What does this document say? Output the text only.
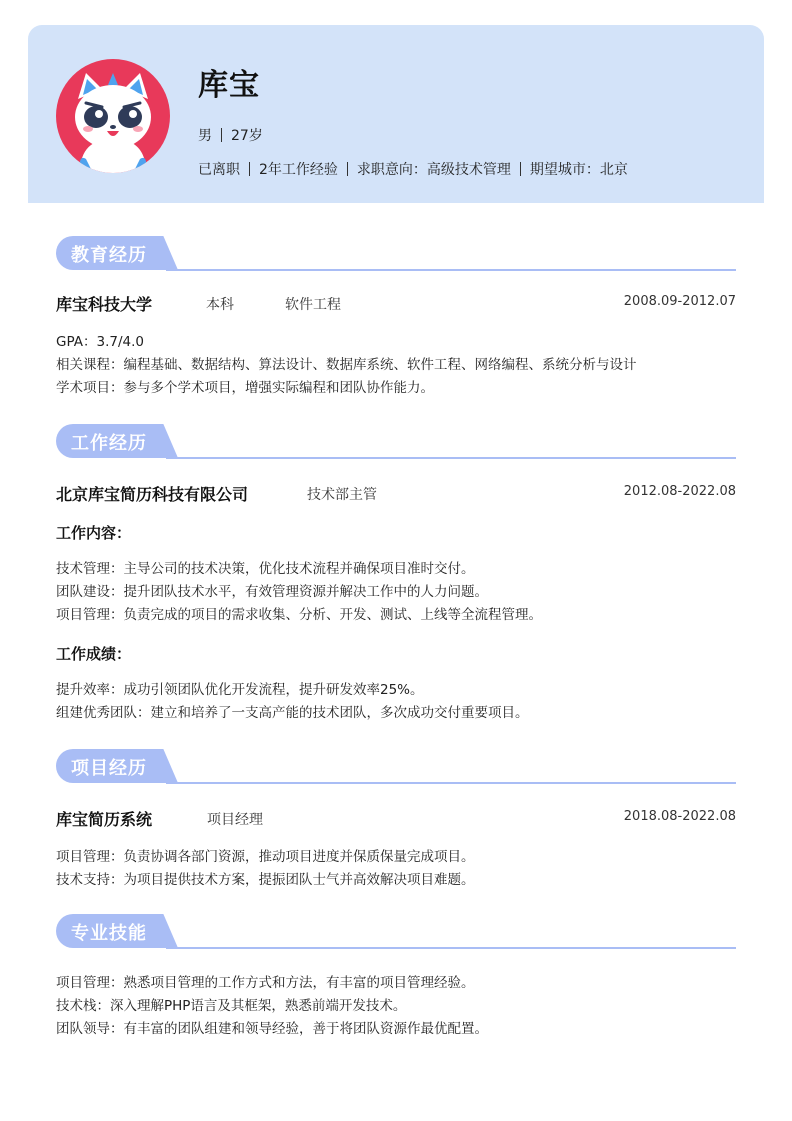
库宝
男 27岁
已离职 2年工作经验 求职意向：高级技术管理 期望城市：北京
教育经历
库宝科技大学	本科	软件工程	2008.09-2012.07
GPA：3.7/4.0
相关课程：编程基础、数据结构、算法设计、数据库系统、软件工程、网络编程、系统分析与设计
学术项目：参与多个学术项目，增强实际编程和团队协作能力。
工作经历
北京库宝简历科技有限公司	技术部主管	2012.08-2022.08
工作内容：
技术管理：主导公司的技术决策，优化技术流程并确保项目准时交付。
团队建设：提升团队技术水平，有效管理资源并解决工作中的人力问题。
项目管理：负责完成的项目的需求收集、分析、开发、测试、上线等全流程管理。
工作成绩：
提升效率：成功引领团队优化开发流程，提升研发效率25%。
组建优秀团队：建立和培养了一支高产能的技术团队，多次成功交付重要项目。
项目经历
库宝简历系统	项目经理	2018.08-2022.08
项目管理：负责协调各部门资源，推动项目进度并保质保量完成项目。
技术支持：为项目提供技术方案，提振团队士气并高效解决项目难题。
专业技能
项目管理：熟悉项目管理的工作方式和方法，有丰富的项目管理经验。
技术栈：深入理解PHP语言及其框架，熟悉前端开发技术。
团队领导：有丰富的团队组建和领导经验，善于将团队资源作最优配置。
